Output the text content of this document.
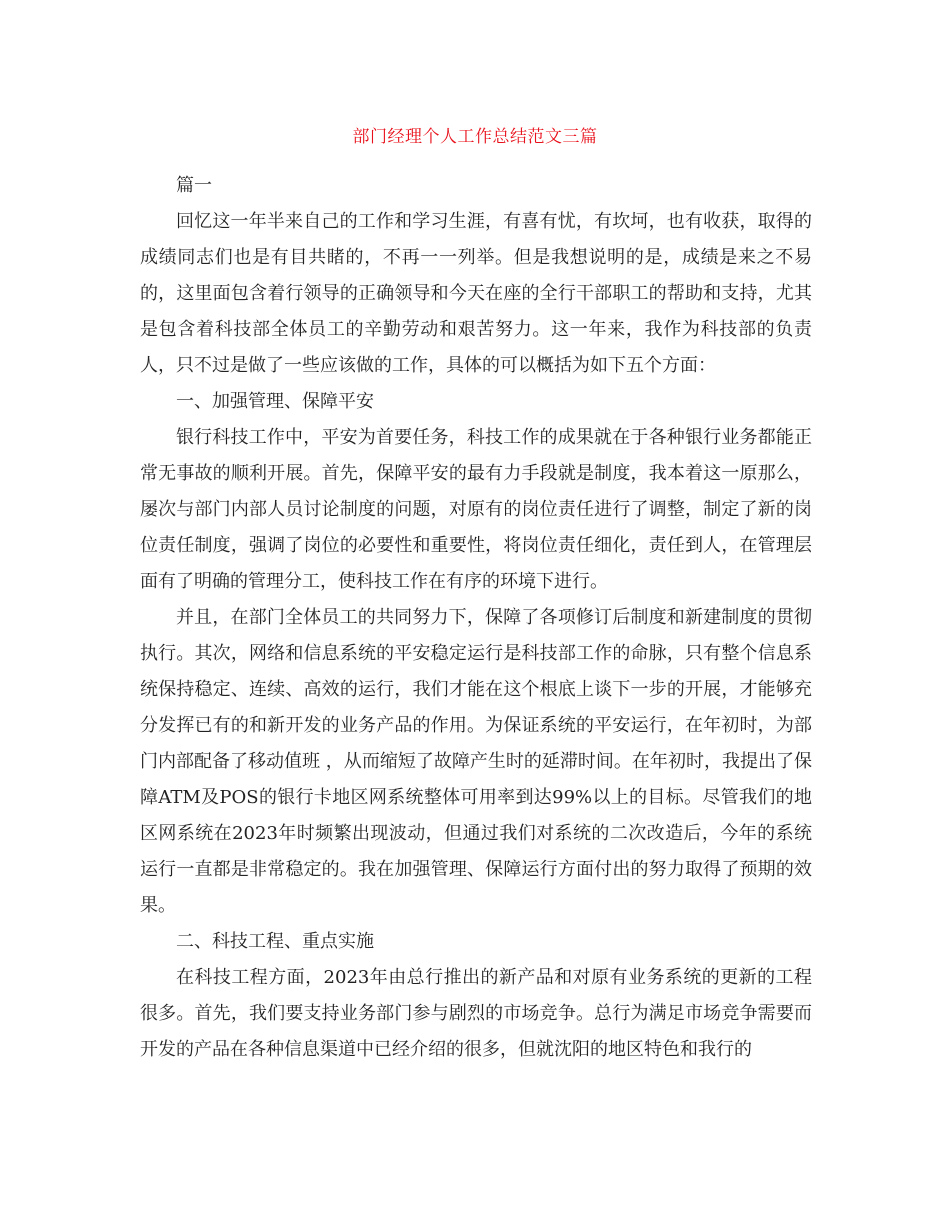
部门经理个人工作总结范文三篇

篇一

回忆这一年半来自己的工作和学习生涯，有喜有忧，有坎坷，也有收获，取得的成绩同志们也是有目共睹的，不再一一列举。但是我想说明的是，成绩是来之不易的，这里面包含着行领导的正确领导和今天在座的全行干部职工的帮助和支持，尤其是包含着科技部全体员工的辛勤劳动和艰苦努力。这一年来，我作为科技部的负责人，只不过是做了一些应该做的工作，具体的可以概括为如下五个方面：

一、加强管理、保障平安

银行科技工作中，平安为首要任务，科技工作的成果就在于各种银行业务都能正常无事故的顺利开展。首先，保障平安的最有力手段就是制度，我本着这一原那么，屡次与部门内部人员讨论制度的问题，对原有的岗位责任进行了调整，制定了新的岗位责任制度，强调了岗位的必要性和重要性，将岗位责任细化，责任到人，在管理层面有了明确的管理分工，使科技工作在有序的环境下进行。

并且，在部门全体员工的共同努力下，保障了各项修订后制度和新建制度的贯彻执行。其次，网络和信息系统的平安稳定运行是科技部工作的命脉，只有整个信息系统保持稳定、连续、高效的运行，我们才能在这个根底上谈下一步的开展，才能够充分发挥已有的和新开发的业务产品的作用。为保证系统的平安运行，在年初时，为部门内部配备了移动值班 ，从而缩短了故障产生时的延滞时间。在年初时，我提出了保障ATM及POS的银行卡地区网系统整体可用率到达99%以上的目标。尽管我们的地区网系统在2023年时频繁出现波动，但通过我们对系统的二次改造后，今年的系统运行一直都是非常稳定的。我在加强管理、保障运行方面付出的努力取得了预期的效果。

二、科技工程、重点实施

在科技工程方面，2023年由总行推出的新产品和对原有业务系统的更新的工程很多。首先，我们要支持业务部门参与剧烈的市场竞争。总行为满足市场竞争需要而开发的产品在各种信息渠道中已经介绍的很多，但就沈阳的地区特色和我行的
